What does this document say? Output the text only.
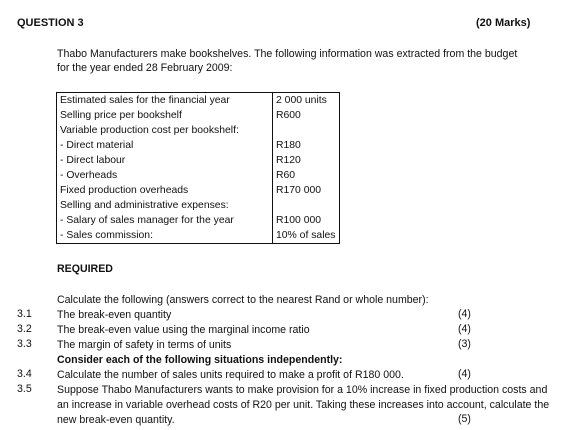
QUESTION 3	(20 Marks)
Thabo Manufacturers make bookshelves. The following information was extracted from the budget
for the year ended 28 February 2009:
Estimated sales for the financial year	2 000 units
Selling price per bookshelf	R600
Variable production cost per bookshelf:	
- Direct material	R180
- Direct labour	R120
- Overheads	R60
Fixed production overheads	R170 000
Selling and administrative expenses:	
- Salary of sales manager for the year	R100 000
- Sales commission:	10% of sales
REQUIRED
Calculate the following (answers correct to the nearest Rand or whole number):
3.1 The break-even quantity	(4)
3.2 The break-even value using the marginal income ratio	(4)
3.3 The margin of safety in terms of units	(3)
Consider each of the following situations independently:
3.4 Calculate the number of sales units required to make a profit of R180 000.	(4)
3.5 Suppose Thabo Manufacturers wants to make provision for a 10% increase in fixed production costs and
an increase in variable overhead costs of R20 per unit. Taking these increases into account, calculate the
new break-even quantity.	(5)
